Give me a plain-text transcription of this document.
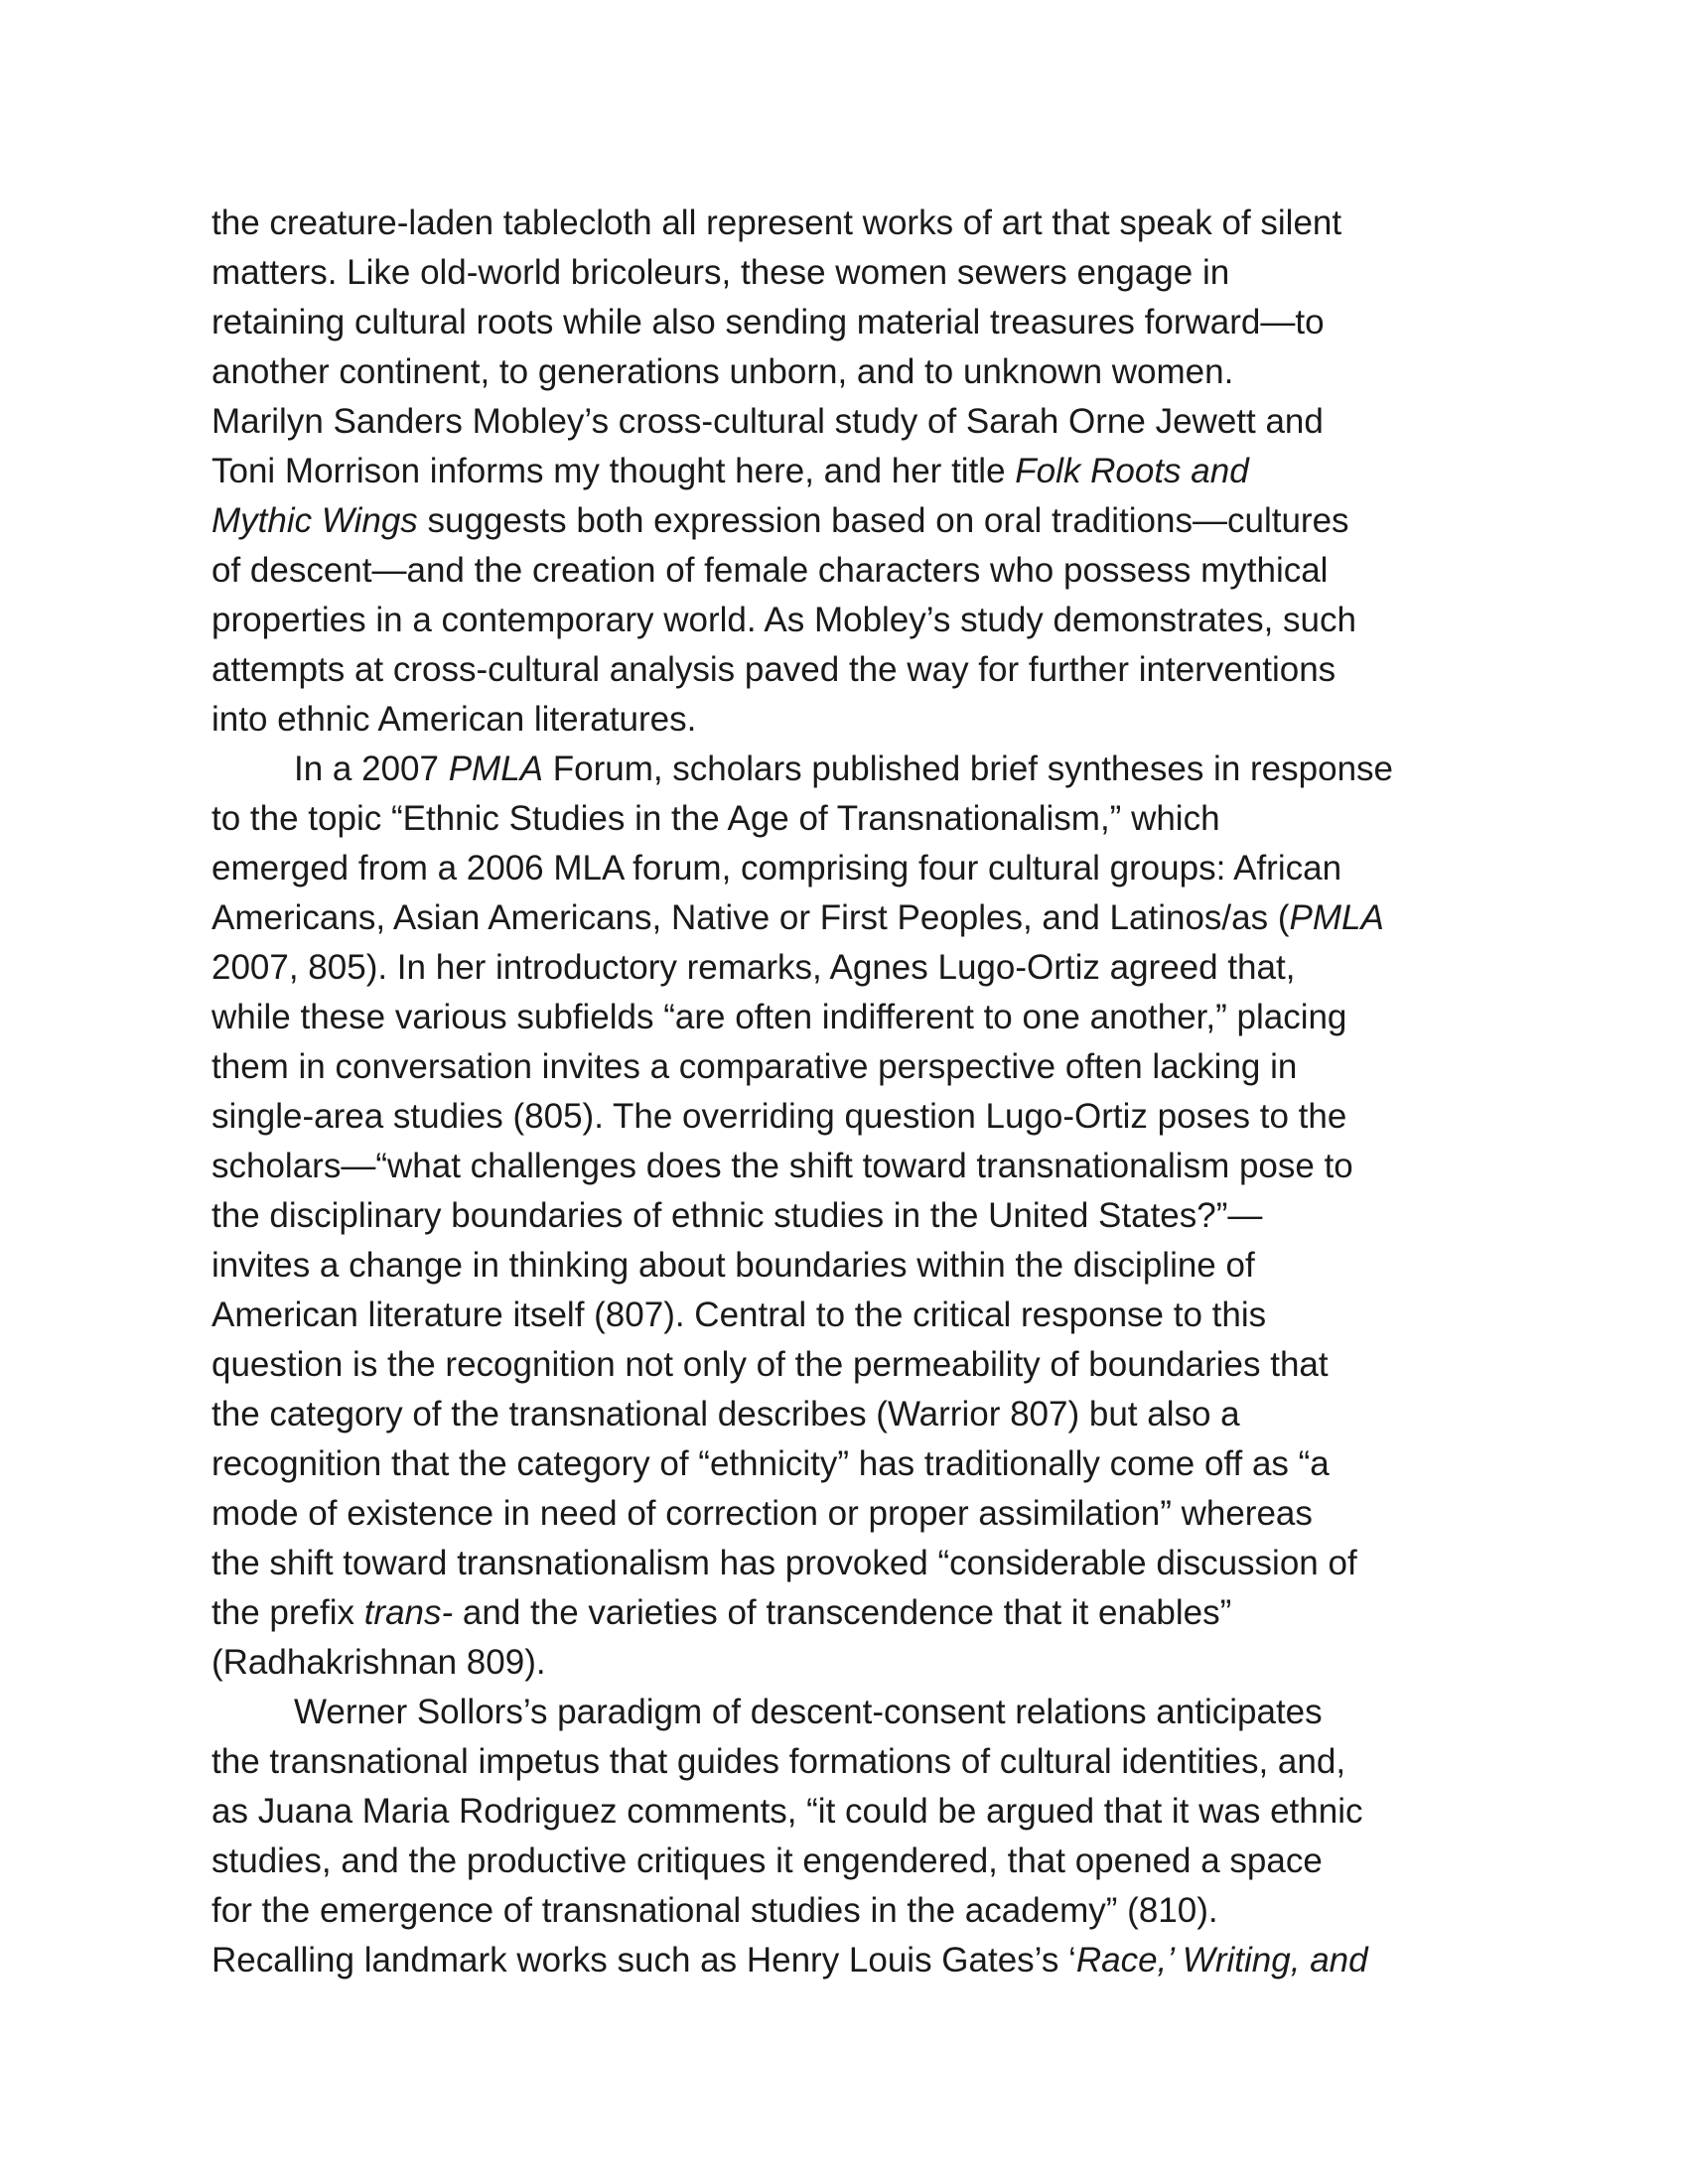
the creature-laden tablecloth all represent works of art that speak of silent
matters. Like old-world bricoleurs, these women sewers engage in
retaining cultural roots while also sending material treasures forward—to
another continent, to generations unborn, and to unknown women.
Marilyn Sanders Mobley’s cross-cultural study of Sarah Orne Jewett and
Toni Morrison informs my thought here, and her title Folk Roots and
Mythic Wings suggests both expression based on oral traditions—cultures
of descent—and the creation of female characters who possess mythical
properties in a contemporary world. As Mobley’s study demonstrates, such
attempts at cross-cultural analysis paved the way for further interventions
into ethnic American literatures.
In a 2007 PMLA Forum, scholars published brief syntheses in response
to the topic “Ethnic Studies in the Age of Transnationalism,” which
emerged from a 2006 MLA forum, comprising four cultural groups: African
Americans, Asian Americans, Native or First Peoples, and Latinos/as (PMLA
2007, 805). In her introductory remarks, Agnes Lugo-Ortiz agreed that,
while these various subfields “are often indifferent to one another,” placing
them in conversation invites a comparative perspective often lacking in
single-area studies (805). The overriding question Lugo-Ortiz poses to the
scholars—“what challenges does the shift toward transnationalism pose to
the disciplinary boundaries of ethnic studies in the United States?”—
invites a change in thinking about boundaries within the discipline of
American literature itself (807). Central to the critical response to this
question is the recognition not only of the permeability of boundaries that
the category of the transnational describes (Warrior 807) but also a
recognition that the category of “ethnicity” has traditionally come off as “a
mode of existence in need of correction or proper assimilation” whereas
the shift toward transnationalism has provoked “considerable discussion of
the prefix trans- and the varieties of transcendence that it enables”
(Radhakrishnan 809).
Werner Sollors’s paradigm of descent-consent relations anticipates
the transnational impetus that guides formations of cultural identities, and,
as Juana Maria Rodriguez comments, “it could be argued that it was ethnic
studies, and the productive critiques it engendered, that opened a space
for the emergence of transnational studies in the academy” (810).
Recalling landmark works such as Henry Louis Gates’s ‘Race,’ Writing, and
